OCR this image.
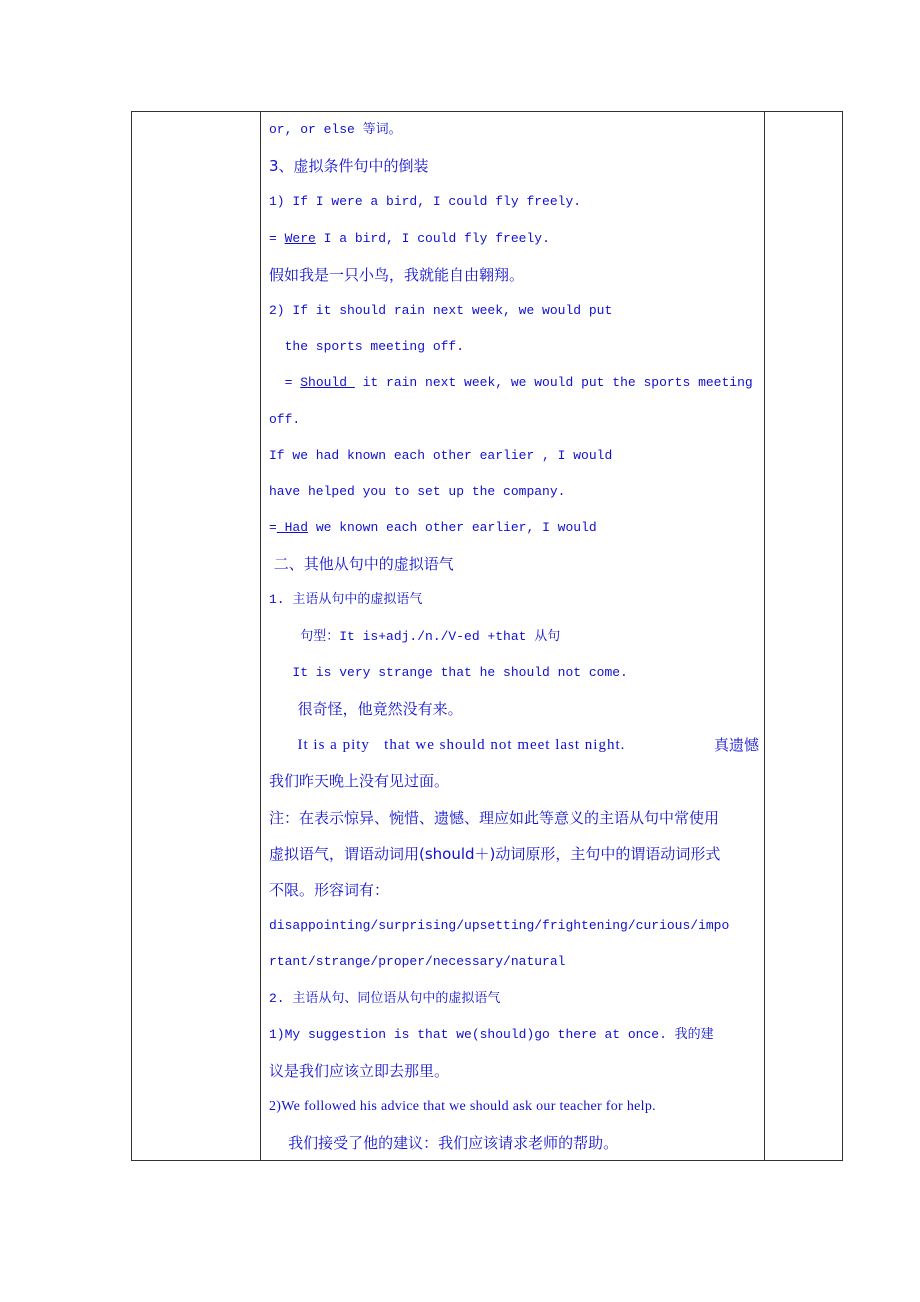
or, or else 等词。
3、虚拟条件句中的倒装
1) If I were a bird, I could fly freely.
= Were I a bird, I could fly freely.
假如我是一只小鸟，我就能自由翱翔。
2) If it should rain next week, we would put
the sports meeting off.
= Should  it rain next week, we would put the sports meeting
off.
If we had known each other earlier , I would
have helped you to set up the company.
= Had we known each other earlier, I would
二、其他从句中的虚拟语气
1. 主语从句中的虚拟语气
句型：It is+adj./n./V-ed +that 从句
It is very strange that he should not come.
很奇怪，他竟然没有来。
It is a pity   that we should not meet last night.	真遗憾
我们昨天晚上没有见过面。
注：在表示惊异、惋惜、遗憾、理应如此等意义的主语从句中常使用
虚拟语气，谓语动词用(should＋)动词原形，主句中的谓语动词形式
不限。形容词有：
disappointing/surprising/upsetting/frightening/curious/impo
rtant/strange/proper/necessary/natural
2. 主语从句、同位语从句中的虚拟语气
1)My suggestion is that we(should)go there at once. 我的建
议是我们应该立即去那里。
2)We followed his advice that we should ask our teacher for help.
我们接受了他的建议：我们应该请求老师的帮助。
